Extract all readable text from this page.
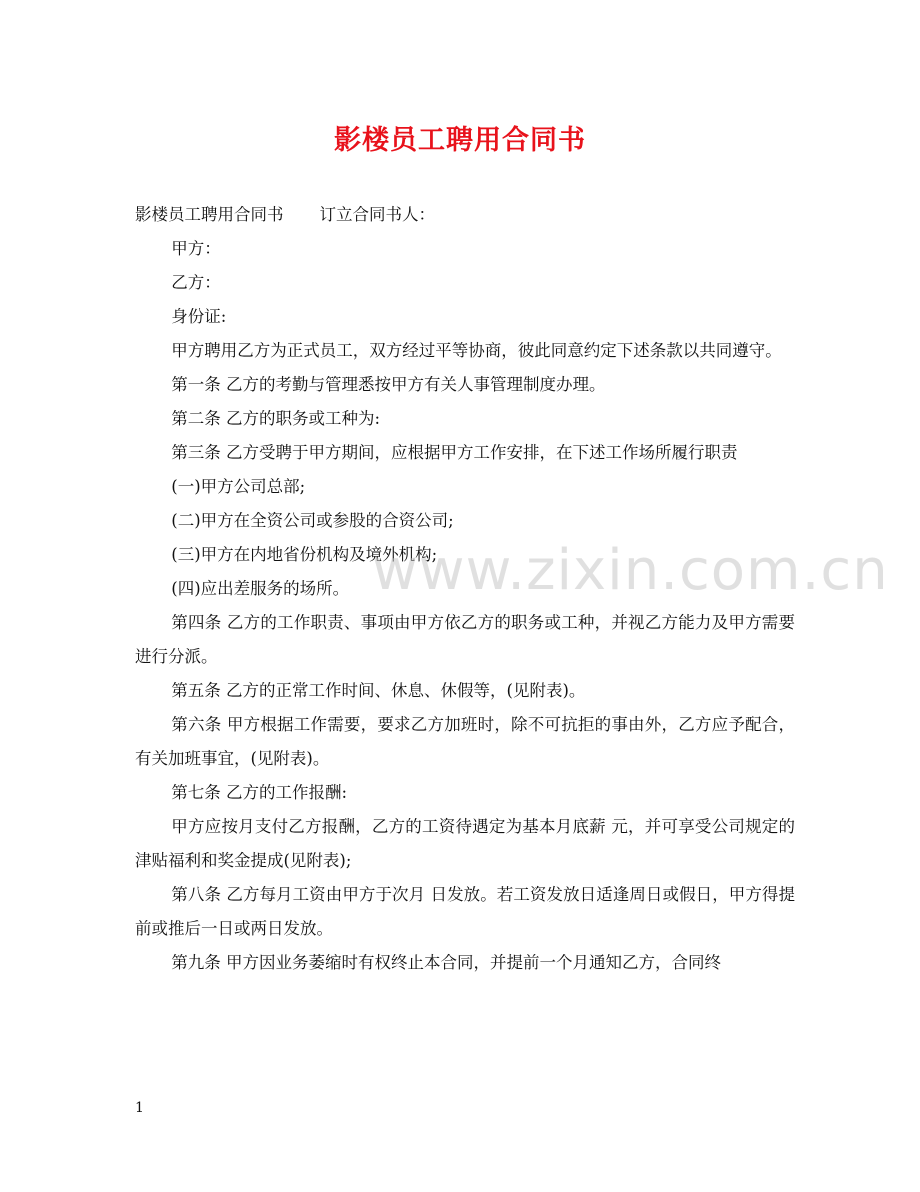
影楼员工聘用合同书

影楼员工聘用合同书 订立合同书人：

甲方：

乙方：

身份证:

甲方聘用乙方为正式员工，双方经过平等协商，彼此同意约定下述条款以共同遵守。

第一条 乙方的考勤与管理悉按甲方有关人事管理制度办理。

第二条 乙方的职务或工种为:

第三条 乙方受聘于甲方期间，应根据甲方工作安排，在下述工作场所履行职责

(一)甲方公司总部;

(二)甲方在全资公司或参股的合资公司;

(三)甲方在内地省份机构及境外机构;

(四)应出差服务的场所。

第四条 乙方的工作职责、事项由甲方依乙方的职务或工种，并视乙方能力及甲方需要进行分派。

第五条 乙方的正常工作时间、休息、休假等，(见附表)。

第六条 甲方根据工作需要，要求乙方加班时，除不可抗拒的事由外，乙方应予配合，有关加班事宜，(见附表)。

第七条 乙方的工作报酬:

甲方应按月支付乙方报酬，乙方的工资待遇定为基本月底薪 元，并可享受公司规定的津贴福利和奖金提成(见附表);

第八条 乙方每月工资由甲方于次月 日发放。若工资发放日适逢周日或假日，甲方得提前或推后一日或两日发放。

第九条 甲方因业务萎缩时有权终止本合同，并提前一个月通知乙方，合同终

www.zixin.com.cn
1
